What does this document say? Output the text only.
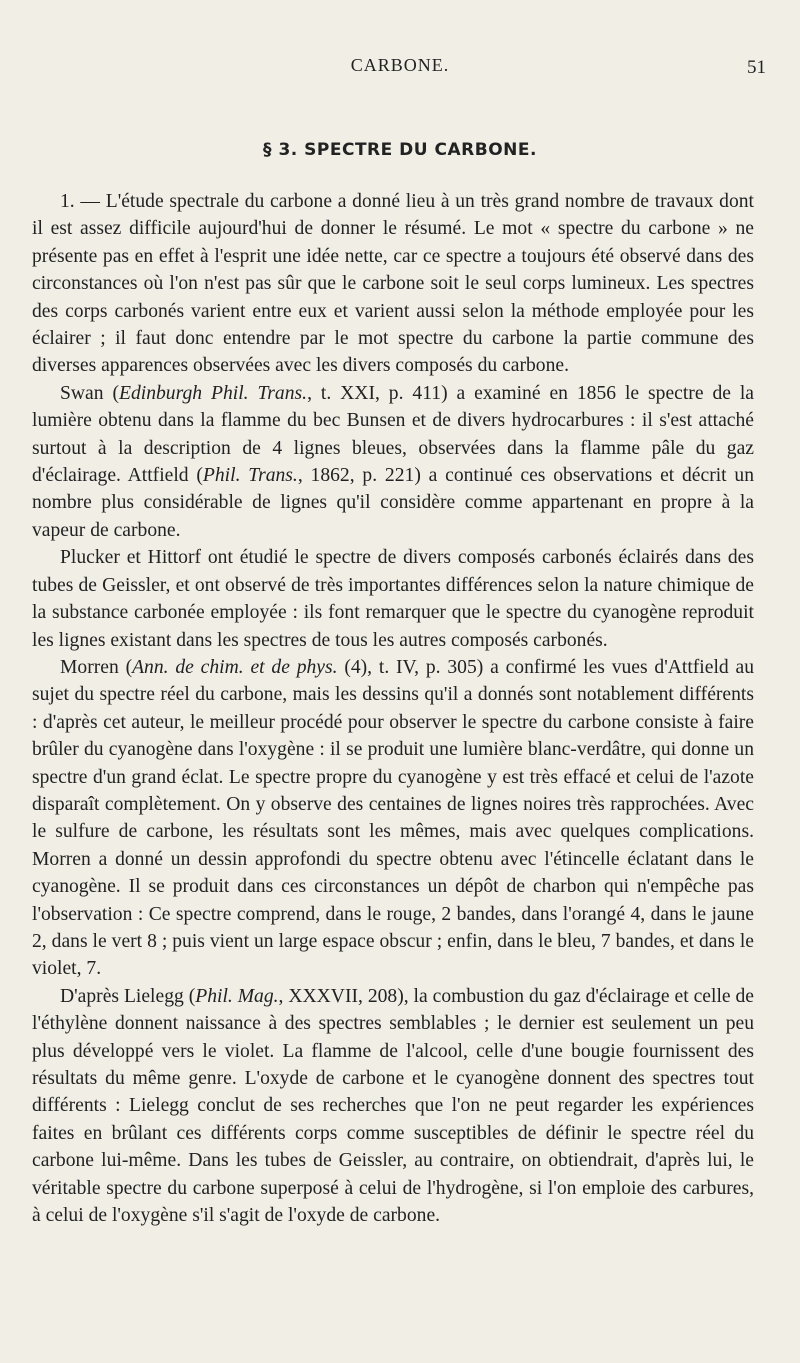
CARBONE.	51
§ 3. SPECTRE DU CARBONE.

1. — L'étude spectrale du carbone a donné lieu à un très grand nombre de travaux dont il est assez difficile aujourd'hui de donner le résumé. Le mot « spectre du carbone » ne présente pas en effet à l'esprit une idée nette, car ce spectre a toujours été observé dans des circonstances où l'on n'est pas sûr que le carbone soit le seul corps lumineux. Les spectres des corps carbonés varient entre eux et varient aussi selon la méthode employée pour les éclairer ; il faut donc entendre par le mot spectre du carbone la partie commune des diverses apparences observées avec les divers composés du carbone.

Swan (Edinburgh Phil. Trans., t. XXI, p. 411) a examiné en 1856 le spectre de la lumière obtenu dans la flamme du bec Bunsen et de divers hydrocarbures : il s'est attaché surtout à la description de 4 lignes bleues, observées dans la flamme pâle du gaz d'éclairage. Attfield (Phil. Trans., 1862, p. 221) a continué ces observations et décrit un nombre plus considérable de lignes qu'il considère comme appartenant en propre à la vapeur de carbone.

Plucker et Hittorf ont étudié le spectre de divers composés carbonés éclairés dans des tubes de Geissler, et ont observé de très importantes différences selon la nature chimique de la substance carbonée employée : ils font remarquer que le spectre du cyanogène reproduit les lignes existant dans les spectres de tous les autres composés carbonés.

Morren (Ann. de chim. et de phys. (4), t. IV, p. 305) a confirmé les vues d'Attfield au sujet du spectre réel du carbone, mais les dessins qu'il a donnés sont notablement différents : d'après cet auteur, le meilleur procédé pour observer le spectre du carbone consiste à faire brûler du cyanogène dans l'oxygène : il se produit une lumière blanc-verdâtre, qui donne un spectre d'un grand éclat. Le spectre propre du cyanogène y est très effacé et celui de l'azote disparaît complètement. On y observe des centaines de lignes noires très rapprochées. Avec le sulfure de carbone, les résultats sont les mêmes, mais avec quelques complications. Morren a donné un dessin approfondi du spectre obtenu avec l'étincelle éclatant dans le cyanogène. Il se produit dans ces circonstances un dépôt de charbon qui n'empêche pas l'observation : Ce spectre comprend, dans le rouge, 2 bandes, dans l'orangé 4, dans le jaune 2, dans le vert 8 ; puis vient un large espace obscur ; enfin, dans le bleu, 7 bandes, et dans le violet, 7.

D'après Lielegg (Phil. Mag., XXXVII, 208), la combustion du gaz d'éclairage et celle de l'éthylène donnent naissance à des spectres semblables ; le dernier est seulement un peu plus développé vers le violet. La flamme de l'alcool, celle d'une bougie fournissent des résultats du même genre. L'oxyde de carbone et le cyanogène donnent des spectres tout différents : Lielegg conclut de ses recherches que l'on ne peut regarder les expériences faites en brûlant ces différents corps comme susceptibles de définir le spectre réel du carbone lui-même. Dans les tubes de Geissler, au contraire, on obtiendrait, d'après lui, le véritable spectre du carbone superposé à celui de l'hydrogène, si l'on emploie des carbures, à celui de l'oxygène s'il s'agit de l'oxyde de carbone.
